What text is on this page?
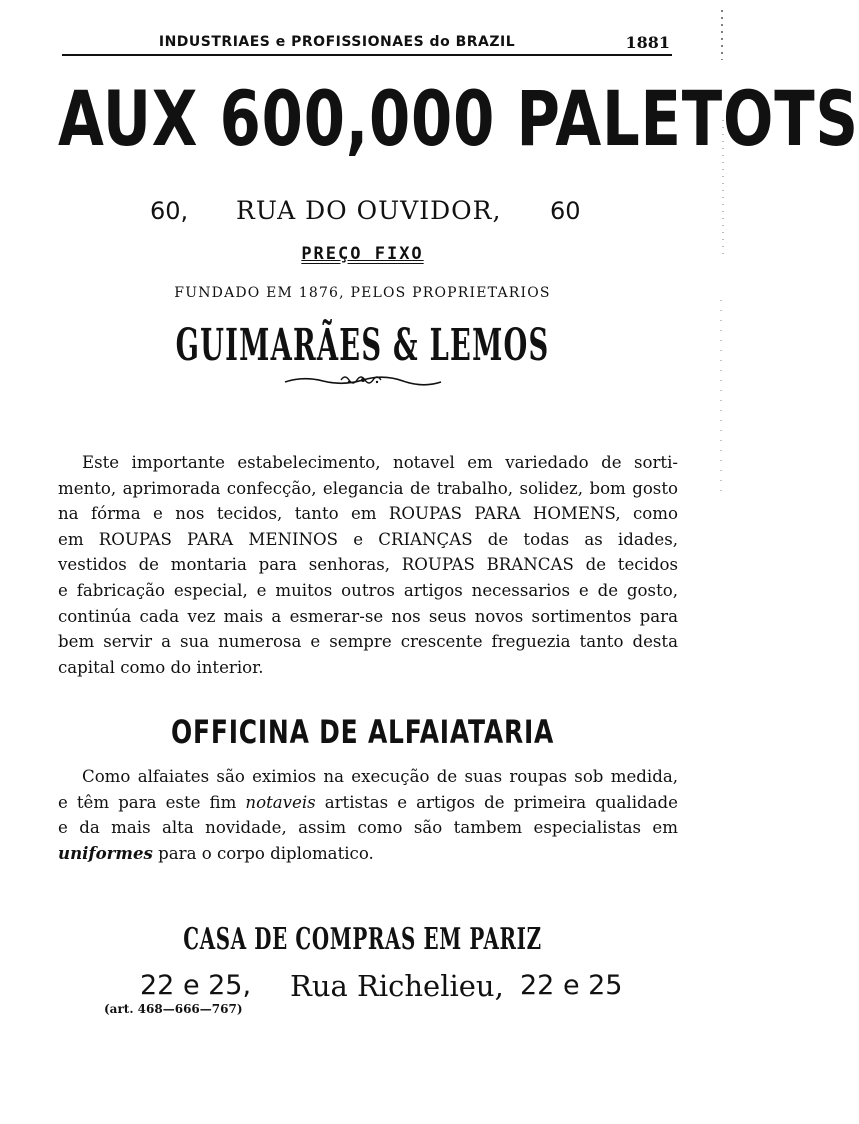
INDUSTRIAES e PROFISSIONAES do BRAZIL	1881
AUX 600,000 PALETOTS
60, RUA DO OUVIDOR, 60
PREÇO FIXO
FUNDADO EM 1876, PELOS PROPRIETARIOS
GUIMARÃES & LEMOS
Este importante estabelecimento, notavel em variedado de sorti-
mento, aprimorada confecção, elegancia de trabalho, solidez, bom gosto
na fórma e nos tecidos, tanto em ROUPAS PARA HOMENS, como
em ROUPAS PARA MENINOS e CRIANÇAS de todas as idades,
vestidos de montaria para senhoras, ROUPAS BRANCAS de tecidos
e fabricação especial, e muitos outros artigos necessarios e de gosto,
continúa cada vez mais a esmerar-se nos seus novos sortimentos para
bem servir a sua numerosa e sempre crescente freguezia tanto desta
capital como do interior.
OFFICINA DE ALFAIATARIA
Como alfaiates são eximios na execução de suas roupas sob medida,
e têm para este fim notaveis artistas e artigos de primeira qualidade
e da mais alta novidade, assim como são tambem especialistas em
uniformes para o corpo diplomatico.
CASA DE COMPRAS EM PARIZ
22 e 25, Rua Richelieu, 22 e 25
(art. 468—666—767)
